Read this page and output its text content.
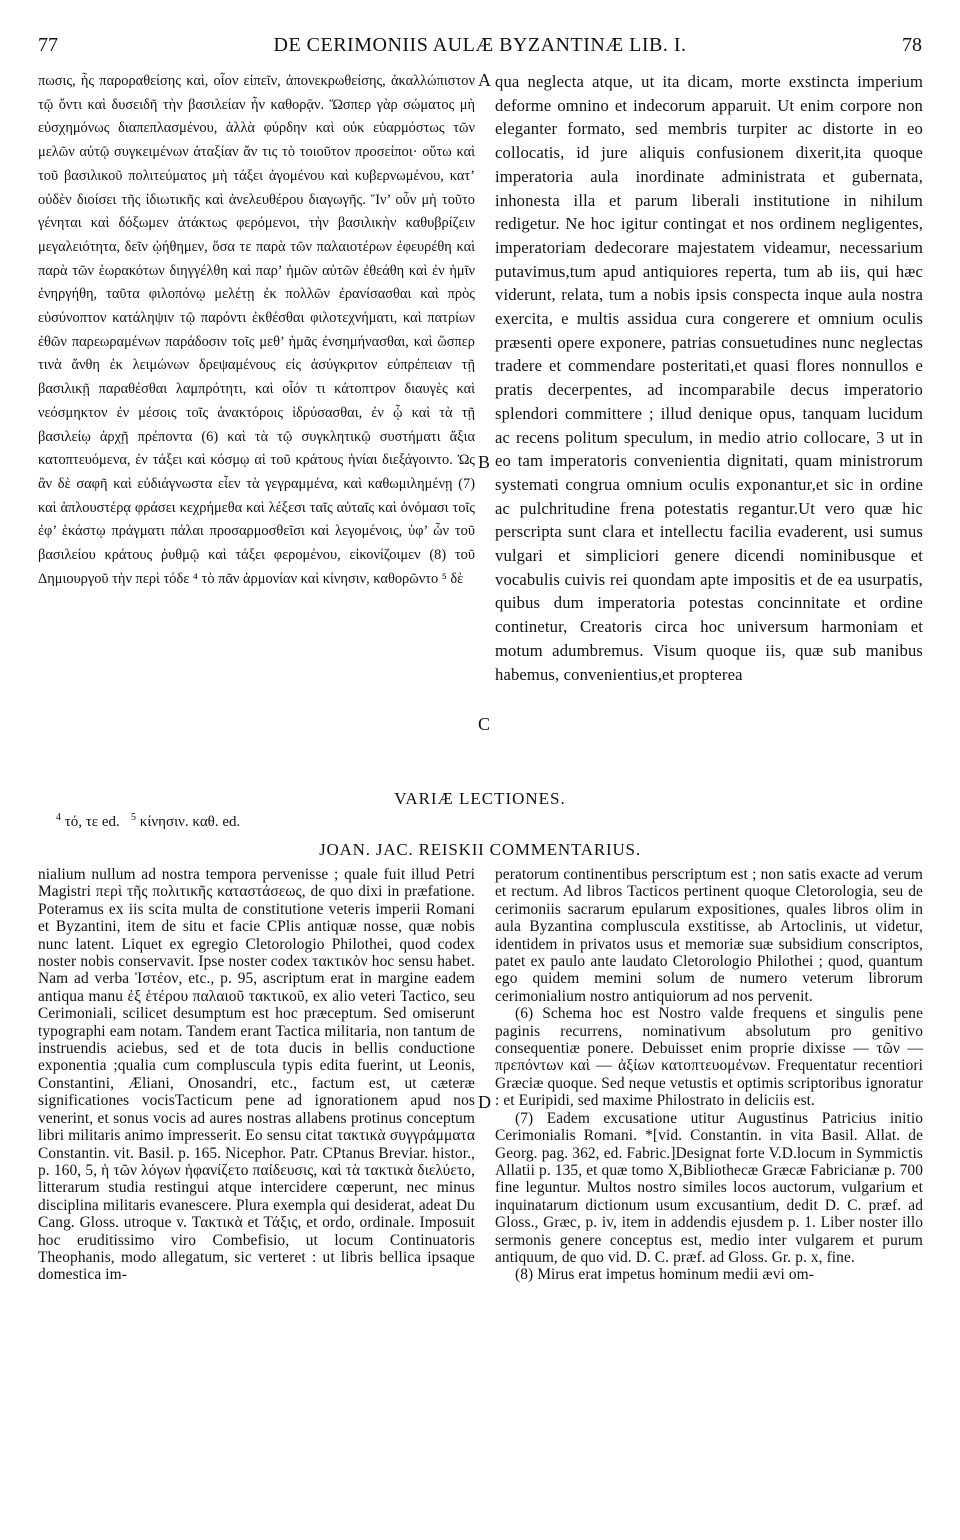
77	DE CERIMONIIS AULÆ BYZANTINÆ LIB. I.	78
πωσις, ἧς παροραθείσης καὶ, οἷον εἰπεῖν, ἀπονεκρωθείσης, ἀκαλλώπιστον τῷ ὄντι καὶ δυσειδῆ τὴν βασιλείαν ἦν καθορᾷν. Ὥσπερ γὰρ σώματος μὴ εὐσχημόνως διαπεπλασμένου, ἀλλὰ φύρδην καὶ οὐκ εὐαρμόστως τῶν μελῶν αὐτῷ συγκειμένων ἀταξίαν ἄν τις τὸ τοιοῦτον προσείποι· οὕτω καὶ τοῦ βασιλικοῦ πολιτεύματος μὴ τάξει ἀγομένου καὶ κυβερνωμένου, κατ’ οὐδὲν διοίσει τῆς ἰδιωτικῆς καὶ ἀνελευθέρου διαγωγῆς. Ἵν’ οὖν μὴ τοῦτο γένηται καὶ δόξωμεν ἀτάκτως φερόμενοι, τὴν βασιλικὴν καθυβρίζειν μεγαλειότητα, δεῖν ᾠήθημεν, ὅσα τε παρὰ τῶν παλαιοτέρων ἐφευρέθη καὶ παρὰ τῶν ἑωρακότων διηγγέλθη καὶ παρ’ ἡμῶν αὐτῶν ἐθεάθη καὶ ἐν ἡμῖν ἐνηργήθη, ταῦτα φιλοπόνῳ μελέτῃ ἐκ πολλῶν ἐρανίσασθαι καὶ πρὸς εὐσύνοπτον κατάληψιν τῷ παρόντι ἐκθέσθαι φιλοτεχνήματι, καὶ πατρίων ἐθῶν παρεωραμένων παράδοσιν τοῖς μεθ’ ἡμᾶς ἐνσημήνασθαι, καὶ ὥσπερ τινὰ ἄνθη ἐκ λειμώνων δρεψαμένους εἰς ἀσύγκριτον εὐπρέπειαν τῇ βασιλικῇ παραθέσθαι λαμπρότητι, καὶ οἷόν τι κάτοπτρον διαυγὲς καὶ νεόσμηκτον ἐν μέσοις τοῖς ἀνακτόροις ἱδρύσασθαι, ἐν ᾧ καὶ τὰ τῇ βασιλείῳ ἀρχῇ πρέποντα (6) καὶ τὰ τῷ συγκλητικῷ συστήματι ἄξια κατοπτευόμενα, ἐν τάξει καὶ κόσμῳ αἱ τοῦ κράτους ἡνίαι διεξάγοιντο. Ὡς ἂν δὲ σαφῆ καὶ εὐδιάγνωστα εἶεν τὰ γεγραμμένα, καὶ καθωμιλημένῃ (7) καὶ ἁπλουστέρᾳ φράσει κεχρήμεθα καὶ λέξεσι ταῖς αὐταῖς καὶ ὀνόμασι τοῖς ἐφ’ ἑκάστῳ πράγματι πάλαι προσαρμοσθεῖσι καὶ λεγομένοις, ὑφ’ ὧν τοῦ βασιλείου κράτους ῥυθμῷ καὶ τάξει φερομένου, εἰκονίζοιμεν (8) τοῦ Δημιουργοῦ τὴν περὶ τόδε ⁴ τὸ πᾶν ἁρμονίαν καὶ κίνησιν, καθορῶντο ⁵ δὲ
qua neglecta atque, ut ita dicam, morte exstincta imperium deforme omnino et indecorum apparuit. Ut enim corpore non eleganter formato, sed membris turpiter ac distorte in eo collocatis, id jure aliquis confusionem dixerit,ita quoque imperatoria aula inordinate administrata et gubernata, inhonesta illa et parum liberali institutione in nihilum redigetur. Ne hoc igitur contingat et nos ordinem negligentes, imperatoriam dedecorare majestatem videamur, necessarium putavimus,tum apud antiquiores reperta, tum ab iis, qui hæc viderunt, relata, tum a nobis ipsis conspecta inque aula nostra exercita, e multis assidua cura congerere et omnium oculis præsenti opere exponere, patrias consuetudines nunc neglectas tradere et commendare posteritati,et quasi flores nonnullos e pratis decerpentes, ad incomparabile decus imperatorio splendori committere ; illud denique opus, tanquam lucidum ac recens politum speculum, in medio atrio collocare, 3 ut in eo tam imperatoris convenientia dignitati, quam ministrorum systemati congrua omnium oculis exponantur,et sic in ordine ac pulchritudine frena potestatis regantur.Ut vero quæ hic perscripta sunt clara et intellectu facilia evaderent, usi sumus vulgari et simpliciori genere dicendi nominibusque et vocabulis cuivis rei quondam apte impositis et de ea usurpatis, quibus dum imperatoria potestas concinnitate et ordine continetur, Creatoris circa hoc universum harmoniam et motum adumbremus. Visum quoque iis, quæ sub manibus habemus, convenientius,et propterea
A
B
C
VARIÆ LECTIONES.
$^4$ τό, τε ed. $^5$ κίνησιν. καθ. ed.
JOAN. JAC. REISKII COMMENTARIUS.
nialium nullum ad nostra tempora pervenisse ; quale fuit illud Petri Magistri περὶ τῆς πολιτικῆς καταστάσεως, de quo dixi in præfatione. Poteramus ex iis scita multa de constitutione veteris imperii Romani et Byzantini, item de situ et facie CPlis antiquæ nosse, quæ nobis nunc latent. Liquet ex egregio Cletorologio Philothei, quod codex noster nobis conservavit. Ipse noster codex τακτικὸν hoc sensu habet. Nam ad verba Ἰστέον, etc., p. 95, ascriptum erat in margine eadem antiqua manu ἐξ ἑτέρου παλαιοῦ τακτικοῦ, ex alio veteri Tactico, seu Cerimoniali, scilicet desumptum est hoc præceptum. Sed omiserunt typographi eam notam. Tandem erant Tactica militaria, non tantum de instruendis aciebus, sed et de tota ducis in bellis conductione exponentia ;qualia cum compluscula typis edita fuerint, ut Leonis, Constantini, Æliani, Onosandri, etc., factum est, ut cæteræ significationes vocisTacticum pene ad ignorationem apud nos venerint, et sonus vocis ad aures nostras allabens protinus conceptum libri militaris animo impresserit. Eo sensu citat τακτικὰ συγγράμματα Constantin. vit. Basil. p. 165. Nicephor. Patr. CPtanus Breviar. histor., p. 160, 5, ἡ τῶν λόγων ἠφανίζετο παίδευσις, καὶ τὰ τακτικὰ διελύετο, litterarum studia restingui atque intercidere cœperunt, nec minus disciplina militaris evanescere. Plura exempla qui desiderat, adeat Du Cang. Gloss. utroque v. Τακτικὰ et Τάξις, et ordo, ordinale. Imposuit hoc eruditissimo viro Combefisio, ut locum Continuatoris Theophanis, modo allegatum, sic verteret : ut libris bellica ipsaque domestica im-
D

peratorum continentibus perscriptum est ; non satis exacte ad verum et rectum. Ad libros Tacticos pertinent quoque Cletorologia, seu de cerimoniis sacrarum epularum expositiones, quales libros olim in aula Byzantina compluscula exstitisse, ab Artoclinis, ut videtur, identidem in privatos usus et memoriæ suæ subsidium conscriptos, patet ex paulo ante laudato Cletorologio Philothei ; quod, quantum ego quidem memini solum de numero veterum librorum cerimonialium nostro antiquiorum ad nos pervenit.

(6) Schema hoc est Nostro valde frequens et singulis pene paginis recurrens, nominativum absolutum pro genitivo consequentiæ ponere. Debuisset enim proprie dixisse — τῶν — πρεπόντων καὶ — ἀξίων κατοπτευομένων. Frequentatur recentiori Græciæ quoque. Sed neque vetustis et optimis scriptoribus ignoratur : et Euripidi, sed maxime Philostrato in deliciis est.

(7) Eadem excusatione utitur Augustinus Patricius initio Cerimonialis Romani. *[vid. Constantin. in vita Basil. Allat. de Georg. pag. 362, ed. Fabric.]Designat forte V.D.locum in Symmictis Allatii p. 135, et quæ tomo X,Bibliothecæ Græcæ Fabricianæ p. 700 fine leguntur. Multos nostro similes locos auctorum, vulgarium et inquinatarum dictionum usum excusantium, dedit D. C. præf. ad Gloss., Græc, p. iv, item in addendis ejusdem p. 1. Liber noster illo sermonis genere conceptus est, medio inter vulgarem et purum antiquum, de quo vid. D. C. præf. ad Gloss. Gr. p. x, fine.

(8) Mirus erat impetus hominum medii ævi om-
